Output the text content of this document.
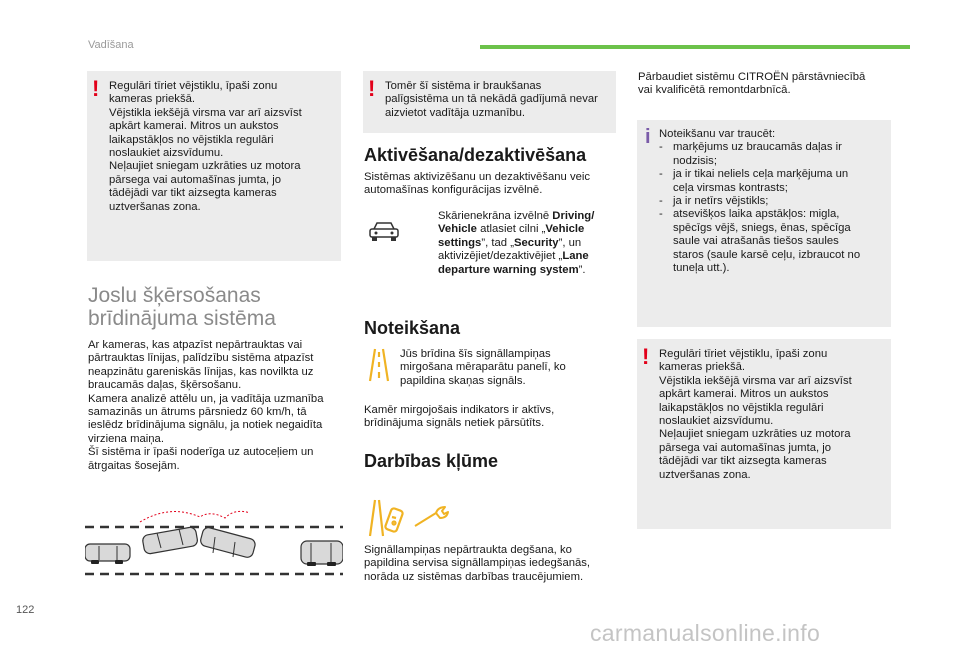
Vadīšana
! Regulāri tīriet vējstiklu, īpaši zonu
kameras priekšā.
Vējstikla iekšējā virsma var arī aizsvīst
apkārt kamerai. Mitros un aukstos
laikapstākļos no vējstikla regulāri
noslaukiet aizsvīdumu.
Neļaujiet sniegam uzkrāties uz motora
pārsega vai automašīnas jumta, jo
tādējādi var tikt aizsegta kameras
uztveršanas zona.
Joslu šķērsošanas
brīdinājuma sistēma
Ar kameras, kas atpazīst nepārtrauktas vai
pārtrauktas līnijas, palīdzību sistēma atpazīst
neapzinātu gareniskās līnijas, kas novilkta uz
braucamās daļas, šķērsošanu.
Kamera analizē attēlu un, ja vadītāja uzmanība
samazinās un ātrums pārsniedz 60 km/h, tā
ieslēdz brīdinājuma signālu, ja notiek negaidīta
virziena maiņa.
Šī sistēma ir īpaši noderīga uz autoceļiem un
ātrgaitas šosejām.
! Tomēr šī sistēma ir braukšanas
palīgsistēma un tā nekādā gadījumā nevar
aizvietot vadītāja uzmanību.
Aktivēšana/dezaktivēšana
Sistēmas aktivizēšanu un dezaktivēšanu veic
automašīnas konfigurācijas izvēlnē.
Skārienekrāna izvēlnē Driving/
Vehicle atlasiet cilni „Vehicle
settings”, tad „Security”, un
aktivizējiet/dezaktivējiet „Lane
departure warning system”.
Noteikšana
Jūs brīdina šīs signāllampiņas
mirgošana mēraparātu panelī, ko
papildina skaņas signāls.
Kamēr mirgojošais indikators ir aktīvs,
brīdinājuma signāls netiek pārsūtīts.
Darbības kļūme
Signāllampiņas nepārtraukta degšana, ko
papildina servisa signāllampiņas iedegšanās,
norāda uz sistēmas darbības traucējumiem.
Pārbaudiet sistēmu CITROËN pārstāvniecībā
vai kvalificētā remontdarbnīcā.
i Noteikšanu var traucēt:
- marķējums uz braucamās daļas ir
nodzisis;
- ja ir tikai neliels ceļa marķējuma un
ceļa virsmas kontrasts;
- ja ir netīrs vējstikls;
- atsevišķos laika apstākļos: migla,
spēcīgs vējš, sniegs, ēnas, spēcīga
saule vai atrašanās tiešos saules
staros (saule karsē ceļu, izbraucot no
tuneļa utt.).
! Regulāri tīriet vējstiklu, īpaši zonu
kameras priekšā.
Vējstikla iekšējā virsma var arī aizsvīst
apkārt kamerai. Mitros un aukstos
laikapstākļos no vējstikla regulāri
noslaukiet aizsvīdumu.
Neļaujiet sniegam uzkrāties uz motora
pārsega vai automašīnas jumta, jo
tādējādi var tikt aizsegta kameras
uztveršanas zona.
122
carmanualsonline.info
